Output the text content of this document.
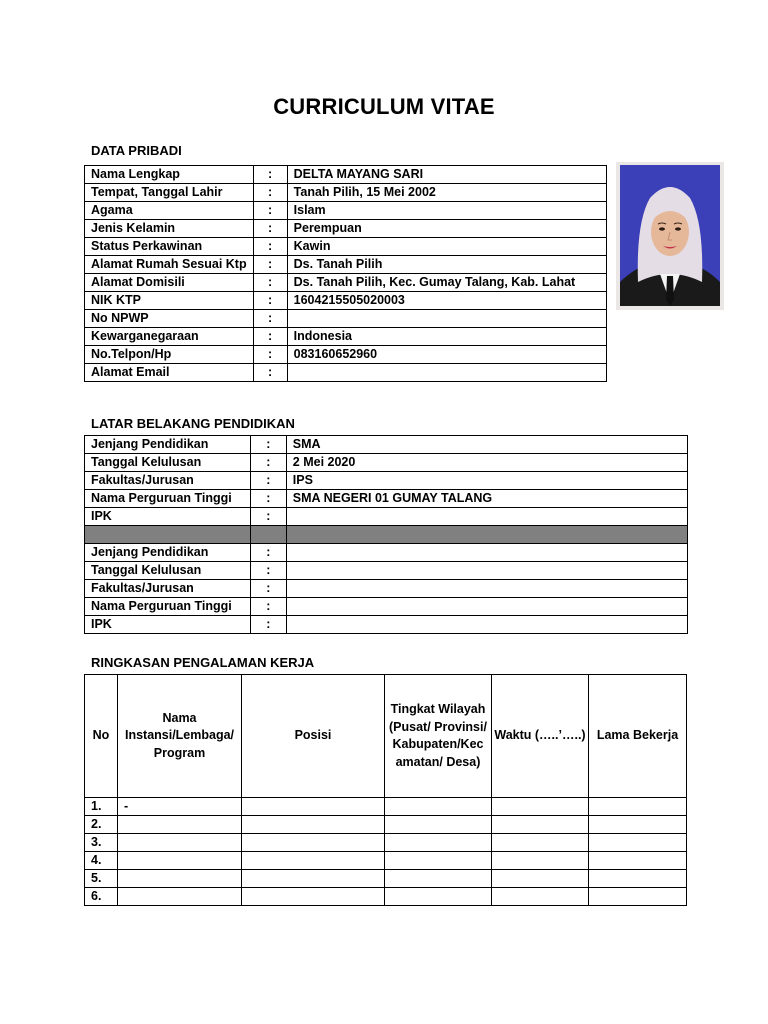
CURRICULUM VITAE
DATA PRIBADI
Nama Lengkap	:	DELTA MAYANG SARI
Tempat, Tanggal Lahir	:	Tanah Pilih, 15 Mei 2002
Agama	:	Islam
Jenis Kelamin	:	Perempuan
Status Perkawinan	:	Kawin
Alamat Rumah Sesuai Ktp	:	Ds. Tanah Pilih
Alamat Domisili	:	Ds. Tanah Pilih, Kec. Gumay Talang, Kab. Lahat
NIK KTP	:	1604215505020003
No NPWP	:	
Kewarganegaraan	:	Indonesia
No.Telpon/Hp	:	083160652960
Alamat Email	:	
LATAR BELAKANG PENDIDIKAN
Jenjang Pendidikan	:	SMA
Tanggal Kelulusan	:	2 Mei 2020
Fakultas/Jurusan	:	IPS
Nama Perguruan Tinggi	:	SMA NEGERI 01 GUMAY TALANG
IPK	:	

Jenjang Pendidikan	:	
Tanggal Kelulusan	:	
Fakultas/Jurusan	:	
Nama Perguruan Tinggi	:	
IPK	:	
RINGKASAN PENGALAMAN KERJA
No	Nama Instansi/Lembaga/ Program	Posisi	Tingkat Wilayah (Pusat/ Provinsi/ Kabupaten/Kec amatan/ Desa)	Waktu (…..’…..)	Lama Bekerja
1.	-				
2.					
3.					
4.					
5.					
6.					
